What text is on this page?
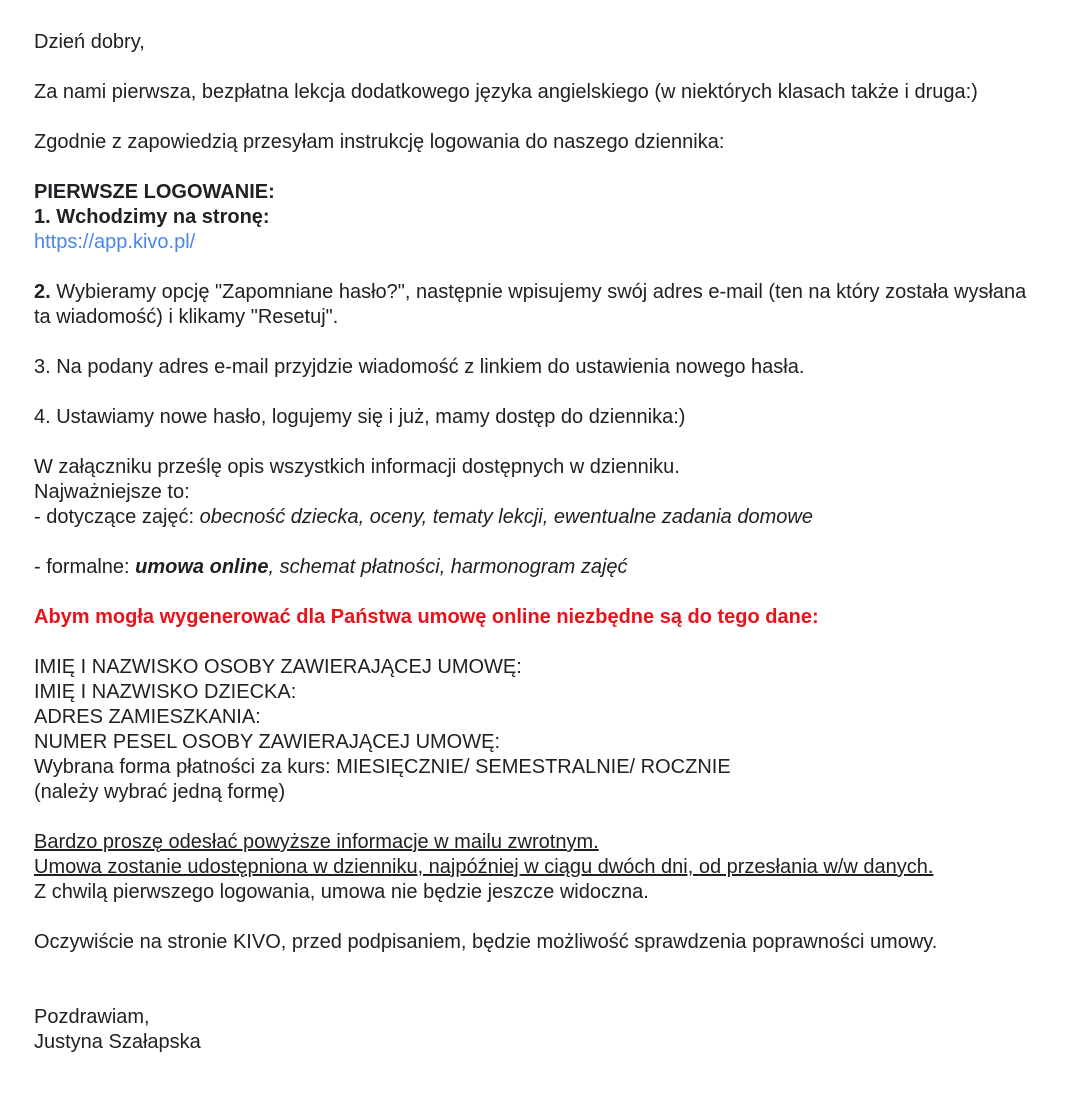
Dzień dobry,

Za nami pierwsza, bezpłatna lekcja dodatkowego języka angielskiego (w niektórych klasach także i druga:)

Zgodnie z zapowiedzią przesyłam instrukcję logowania do naszego dziennika:

PIERWSZE LOGOWANIE:

1. Wchodzimy na stronę:

https://app.kivo.pl/

2. Wybieramy opcję "Zapomniane hasło?", następnie wpisujemy swój adres e-mail (ten na który została wysłana ta wiadomość) i klikamy "Resetuj".

3. Na podany adres e-mail przyjdzie wiadomość z linkiem do ustawienia nowego hasła.

4. Ustawiamy nowe hasło, logujemy się i już, mamy dostęp do dziennika:)

W załączniku prześlę opis wszystkich informacji dostępnych w dzienniku.

Najważniejsze to:

- dotyczące zajęć: obecność dziecka, oceny, tematy lekcji, ewentualne zadania domowe

- formalne: umowa online, schemat płatności, harmonogram zajęć

Abym mogła wygenerować dla Państwa umowę online niezbędne są do tego dane:

IMIĘ I NAZWISKO OSOBY ZAWIERAJĄCEJ UMOWĘ:

IMIĘ I NAZWISKO DZIECKA:

ADRES ZAMIESZKANIA:

NUMER PESEL OSOBY ZAWIERAJĄCEJ UMOWĘ:

Wybrana forma płatności za kurs: MIESIĘCZNIE/ SEMESTRALNIE/ ROCZNIE

(należy wybrać jedną formę)

Bardzo proszę odesłać powyższe informacje w mailu zwrotnym.

Umowa zostanie udostępniona w dzienniku, najpóźniej w ciągu dwóch dni, od przesłania w/w danych.

Z chwilą pierwszego logowania, umowa nie będzie jeszcze widoczna.

Oczywiście na stronie KIVO, przed podpisaniem, będzie możliwość sprawdzenia poprawności umowy.

Pozdrawiam,

Justyna Szałapska
